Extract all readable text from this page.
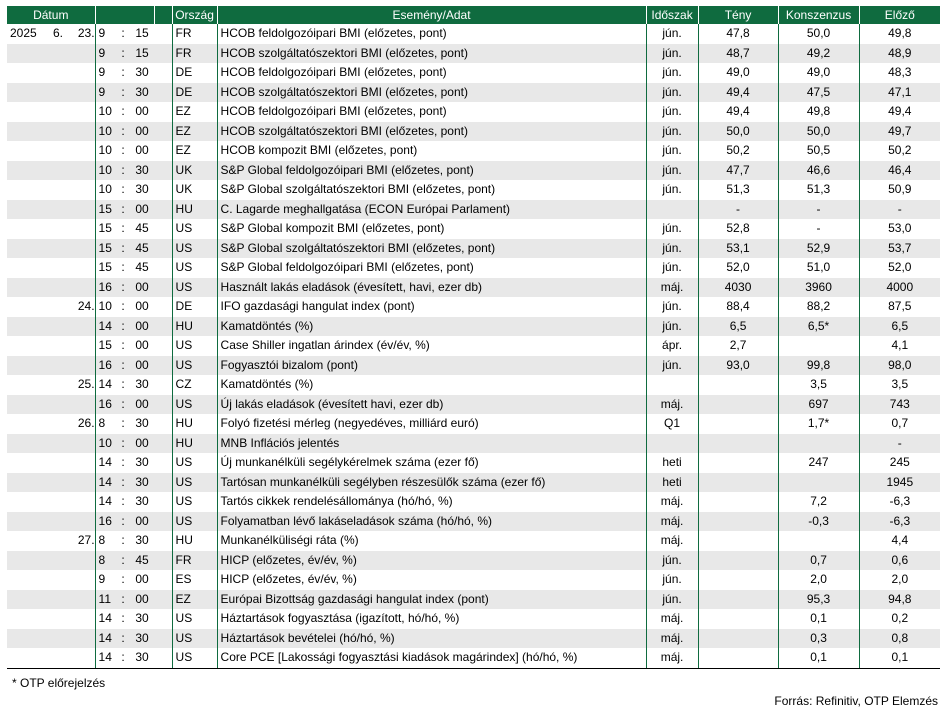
Dátum							Ország	Esemény/Adat	Időszak	Tény	Konszenzus	Előző
2025	6.	23.	9	:	15		FR	HCOB feldolgozóipari BMI (előzetes, pont)	jún.	47,8	50,0	49,8
			9	:	15		FR	HCOB szolgáltatószektori BMI (előzetes, pont)	jún.	48,7	49,2	48,9
			9	:	30		DE	HCOB feldolgozóipari BMI (előzetes, pont)	jún.	49,0	49,0	48,3
			9	:	30		DE	HCOB szolgáltatószektori BMI (előzetes, pont)	jún.	49,4	47,5	47,1
			10	:	00		EZ	HCOB feldolgozóipari BMI (előzetes, pont)	jún.	49,4	49,8	49,4
			10	:	00		EZ	HCOB szolgáltatószektori BMI (előzetes, pont)	jún.	50,0	50,0	49,7
			10	:	00		EZ	HCOB kompozit BMI (előzetes, pont)	jún.	50,2	50,5	50,2
			10	:	30		UK	S&P Global feldolgozóipari BMI (előzetes, pont)	jún.	47,7	46,6	46,4
			10	:	30		UK	S&P Global szolgáltatószektori BMI (előzetes, pont)	jún.	51,3	51,3	50,9
			15	:	00		HU	C. Lagarde meghallgatása (ECON Európai Parlament)		-	-	-
			15	:	45		US	S&P Global kompozit BMI (előzetes, pont)	jún.	52,8	-	53,0
			15	:	45		US	S&P Global szolgáltatószektori BMI (előzetes, pont)	jún.	53,1	52,9	53,7
			15	:	45		US	S&P Global feldolgozóipari BMI (előzetes, pont)	jún.	52,0	51,0	52,0
			16	:	00		US	Használt lakás eladások (évesített, havi, ezer db)	máj.	4030	3960	4000
		24.	10	:	00		DE	IFO gazdasági hangulat index (pont)	jún.	88,4	88,2	87,5
			14	:	00		HU	Kamatdöntés (%)	jún.	6,5	6,5*	6,5
			15	:	00		US	Case Shiller ingatlan árindex (év/év, %)	ápr.	2,7		4,1
			16	:	00		US	Fogyasztói bizalom (pont)	jún.	93,0	99,8	98,0
		25.	14	:	30		CZ	Kamatdöntés (%)			3,5	3,5
			16	:	00		US	Új lakás eladások (évesített havi, ezer db)	máj.		697	743
		26.	8	:	30		HU	Folyó fizetési mérleg (negyedéves, milliárd euró)	Q1		1,7*	0,7
			10	:	00		HU	MNB Inflációs jelentés				-
			14	:	30		US	Új munkanélküli segélykérelmek száma (ezer fő)	heti		247	245
			14	:	30		US	Tartósan munkanélküli segélyben részesülők száma (ezer fő)	heti			1945
			14	:	30		US	Tartós cikkek rendelésállománya (hó/hó, %)	máj.		7,2	-6,3
			16	:	00		US	Folyamatban lévő lakáseladások száma (hó/hó, %)	máj.		-0,3	-6,3
		27.	8	:	30		HU	Munkanélküliségi ráta (%)	máj.			4,4
			8	:	45		FR	HICP (előzetes, év/év, %)	jún.		0,7	0,6
			9	:	00		ES	HICP (előzetes, év/év, %)	jún.		2,0	2,0
			11	:	00		EZ	Európai Bizottság gazdasági hangulat index (pont)	jún.		95,3	94,8
			14	:	30		US	Háztartások fogyasztása (igazított, hó/hó, %)	máj.		0,1	0,2
			14	:	30		US	Háztartások bevételei (hó/hó, %)	máj.		0,3	0,8
			14	:	30		US	Core PCE [Lakossági fogyasztási kiadások magárindex] (hó/hó, %)	máj.		0,1	0,1
* OTP előrejelzés
Forrás: Refinitiv, OTP Elemzés
